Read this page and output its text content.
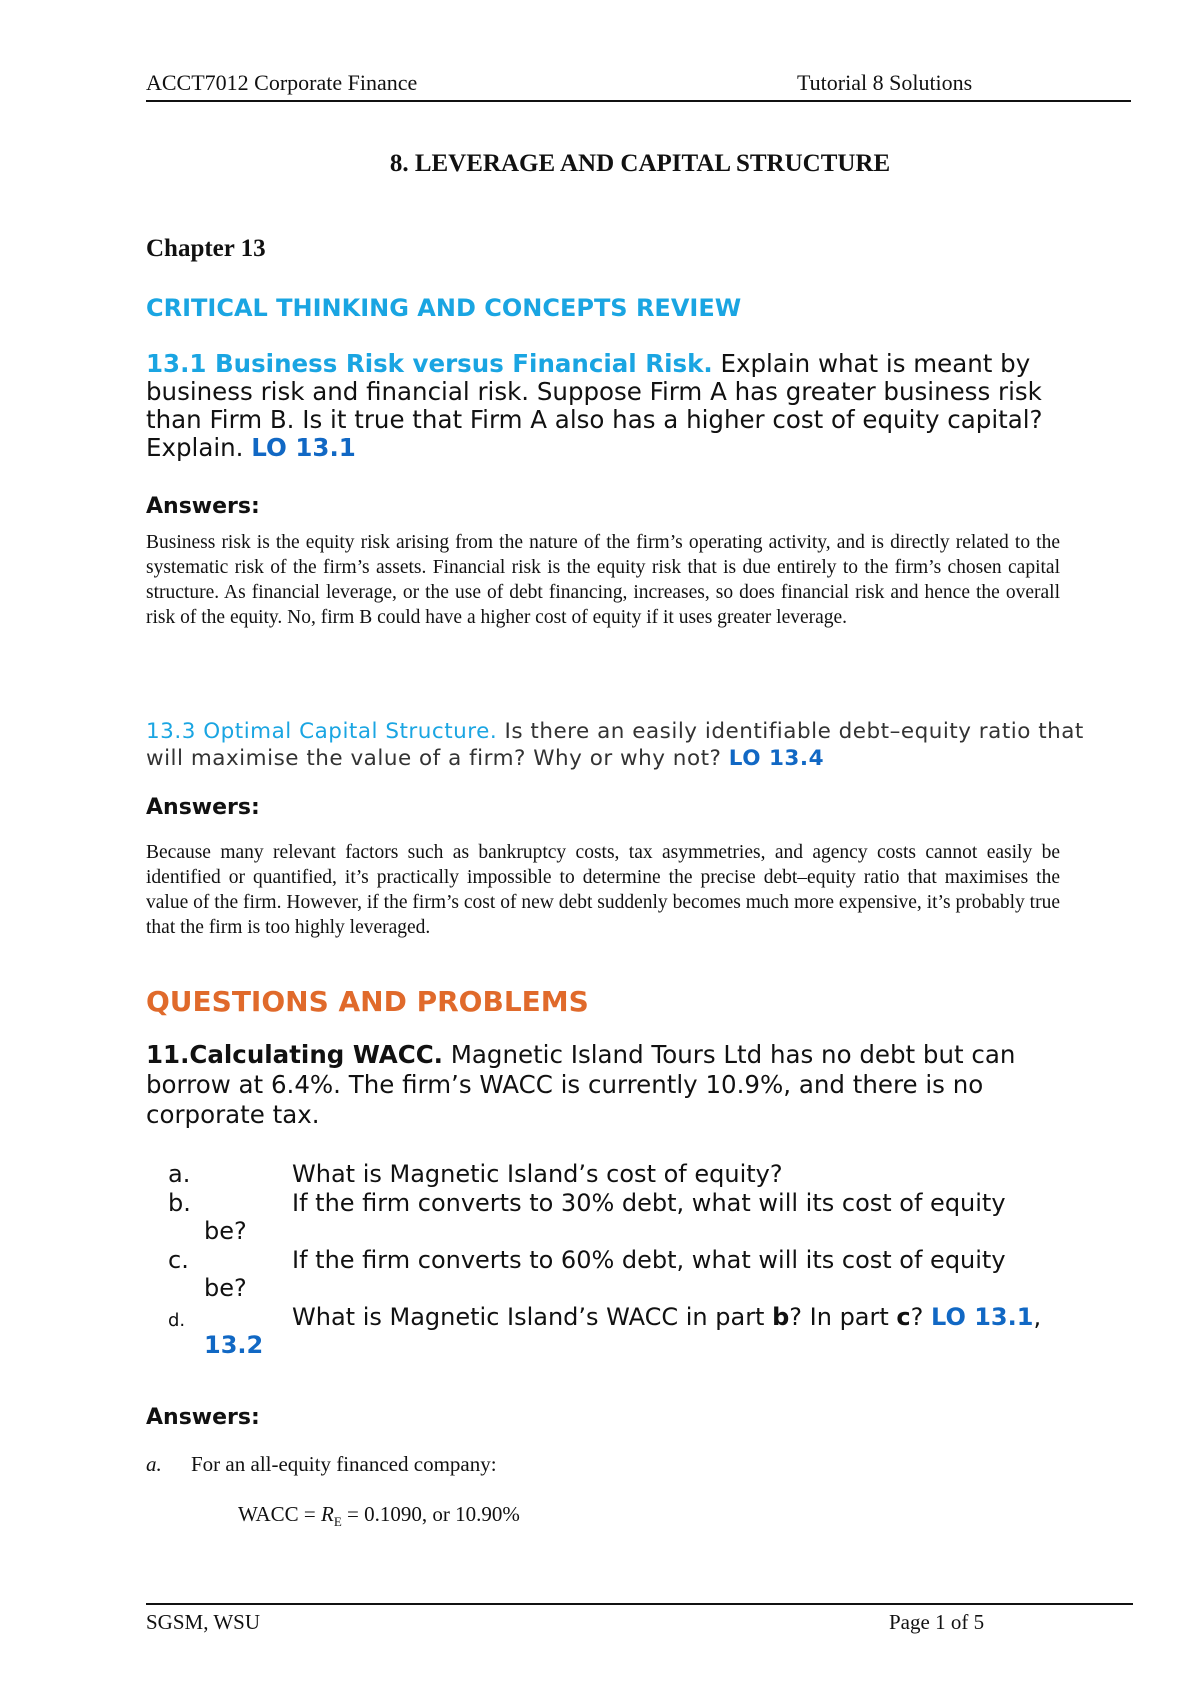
ACCT7012 Corporate Finance	Tutorial 8 Solutions
8. LEVERAGE AND CAPITAL STRUCTURE
Chapter 13
CRITICAL THINKING AND CONCEPTS REVIEW
13.1 Business Risk versus Financial Risk. Explain what is meant by business risk and financial risk. Suppose Firm A has greater business risk than Firm B. Is it true that Firm A also has a higher cost of equity capital? Explain. LO 13.1
Answers:
Business risk is the equity risk arising from the nature of the firm’s operating activity, and is directly related to the systematic risk of the firm’s assets. Financial risk is the equity risk that is due entirely to the firm’s chosen capital structure. As financial leverage, or the use of debt financing, increases, so does financial risk and hence the overall risk of the equity. No, firm B could have a higher cost of equity if it uses greater leverage.
13.3 Optimal Capital Structure. Is there an easily identifiable debt–equity ratio that will maximise the value of a firm? Why or why not? LO 13.4
Answers:
Because many relevant factors such as bankruptcy costs, tax asymmetries, and agency costs cannot easily be identified or quantified, it’s practically impossible to determine the precise debt–equity ratio that maximises the value of the firm. However, if the firm’s cost of new debt suddenly becomes much more expensive, it’s probably true that the firm is too highly leveraged.
QUESTIONS AND PROBLEMS
11.Calculating WACC. Magnetic Island Tours Ltd has no debt but can borrow at 6.4%. The firm’s WACC is currently 10.9%, and there is no corporate tax.
a.	What is Magnetic Island’s cost of equity?
b.	If the firm converts to 30% debt, what will its cost of equity
be?
c.	If the firm converts to 60% debt, what will its cost of equity
be?
d.	What is Magnetic Island’s WACC in part b? In part c? LO 13.1,
13.2
Answers:
a. For an all-equity financed company:
WACC = $R_E = 0.1090$, or 10.90%
SGSM, WSU	Page 1 of 5
